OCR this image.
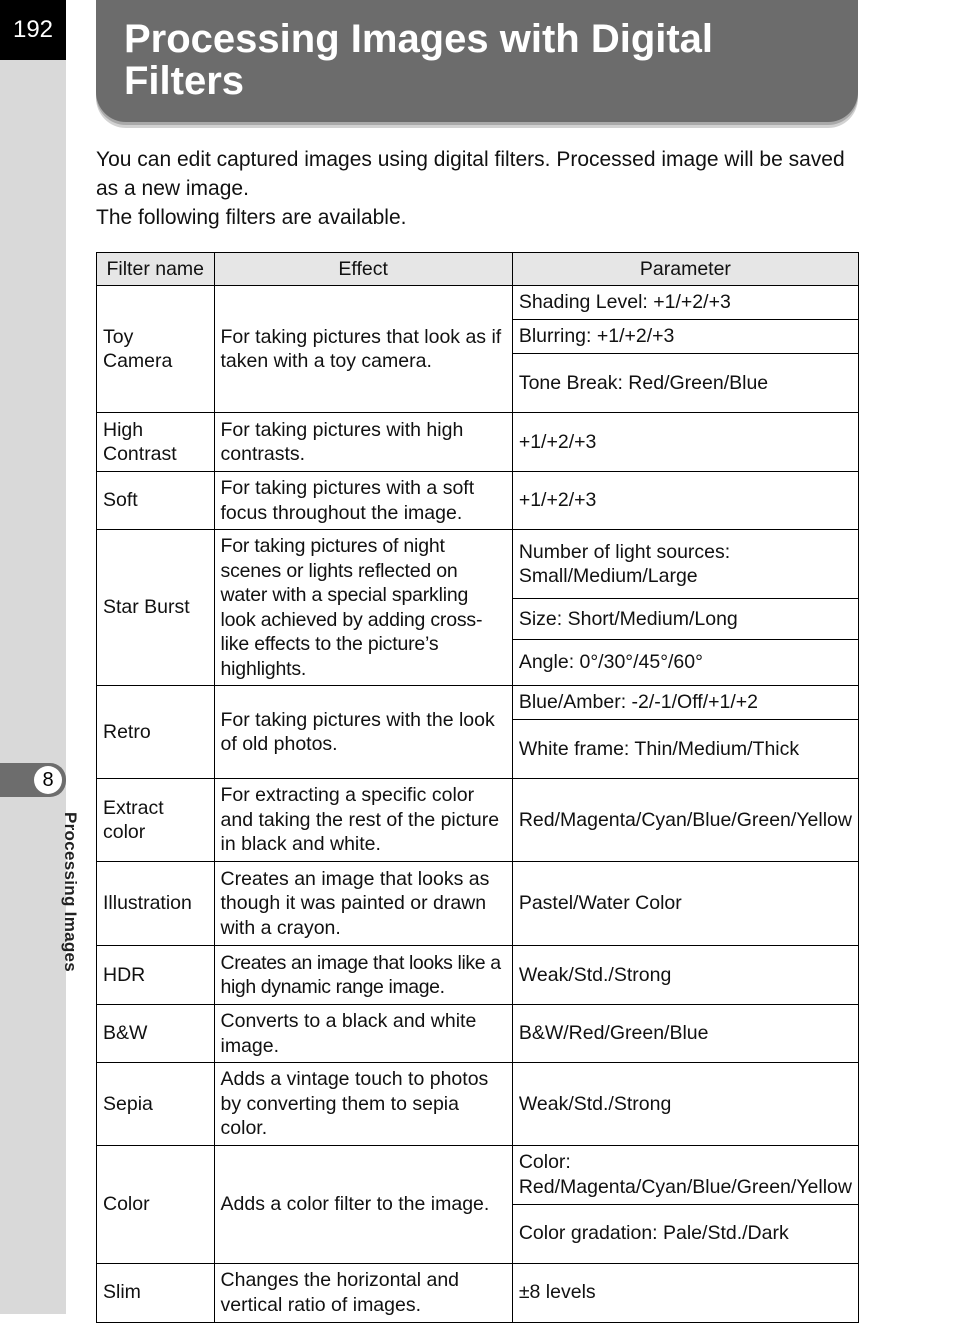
192
8
Processing Images
Processing Images with Digital Filters

You can edit captured images using digital filters. Processed image will be saved as a new image.

The following filters are available.

Filter name	Effect	Parameter
Toy Camera	For taking pictures that look as if taken with a toy camera.	Shading Level: +1/+2/+3
		Blurring: +1/+2/+3
		Tone Break: Red/Green/Blue
High Contrast	For taking pictures with high contrasts.	+1/+2/+3
Soft	For taking pictures with a soft focus throughout the image.	+1/+2/+3
Star Burst	For taking pictures of night scenes or lights reflected on water with a special sparkling look achieved by adding cross-like effects to the picture’s highlights.	Number of light sources: Small/Medium/Large
		Size: Short/Medium/Long
		Angle: 0°/30°/45°/60°
Retro	For taking pictures with the look of old photos.	Blue/Amber: -2/-1/Off/+1/+2
		White frame: Thin/Medium/Thick
Extract color	For extracting a specific color and taking the rest of the picture in black and white.	Red/Magenta/Cyan/Blue/Green/Yellow
Illustration	Creates an image that looks as though it was painted or drawn with a crayon.	Pastel/Water Color
HDR	Creates an image that looks like a high dynamic range image.	Weak/Std./Strong
B&W	Converts to a black and white image.	B&W/Red/Green/Blue
Sepia	Adds a vintage touch to photos by converting them to sepia color.	Weak/Std./Strong
Color	Adds a color filter to the image.	Color: Red/Magenta/Cyan/Blue/Green/Yellow
		Color gradation: Pale/Std./Dark
Slim	Changes the horizontal and vertical ratio of images.	±8 levels
